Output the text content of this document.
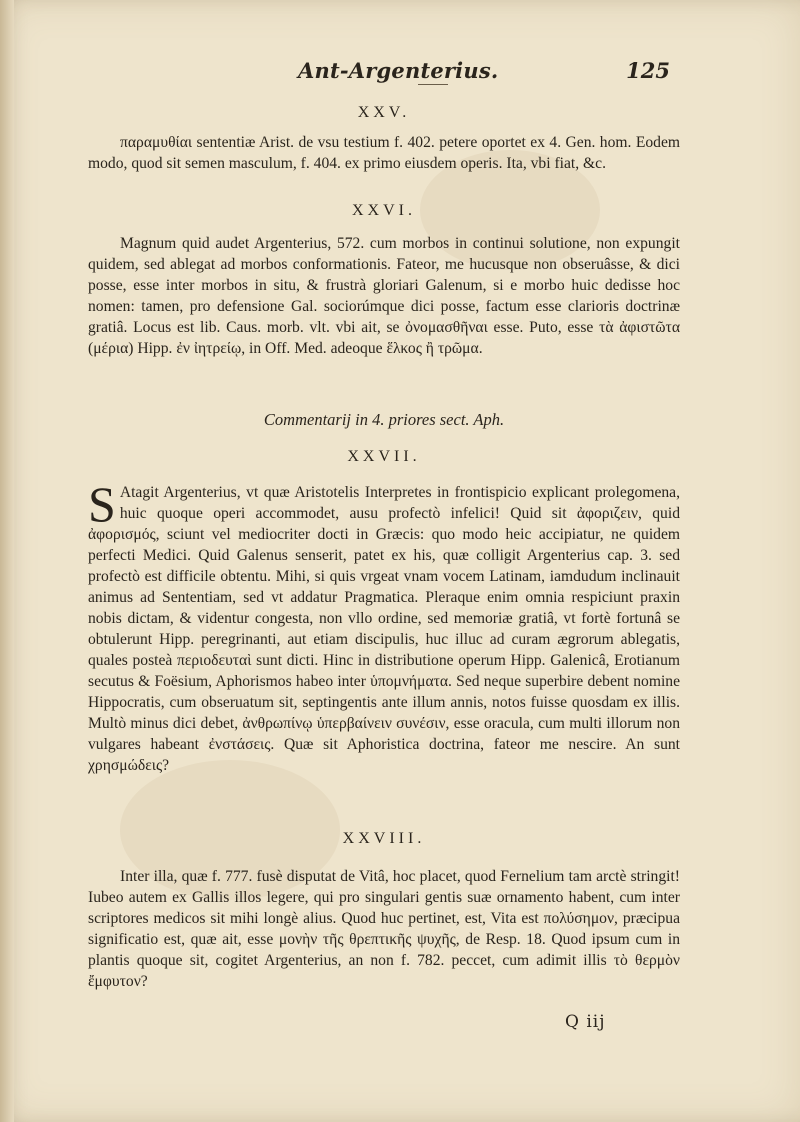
Ant-Argenterius.	125

XXV.

παραμυθίαι sententiæ Arist. de vsu testium f. 402. petere oportet ex 4. Gen. hom. Eodem modo, quod sit semen masculum, f. 404. ex primo eiusdem operis. Ita, vbi fiat, &c.

XXVI.

Magnum quid audet Argenterius, 572. cum morbos in continui solutione, non expungit quidem, sed ablegat ad morbos conformationis. Fateor, me hucusque non obseruâsse, & dici posse, esse inter morbos in situ, & frustrà gloriari Galenum, si e morbo huic dedisse hoc nomen: tamen, pro defensione Gal. sociorúmque dici posse, factum esse clarioris doctrinæ gratiâ. Locus est lib. Caus. morb. vlt. vbi ait, se ὀνομασθῆναι esse. Puto, esse τὰ ἀφιστῶτα (μέρια) Hipp. ἐν ἰητρείῳ, in Off. Med. adeoque ἕλκος ἢ τρῶμα.

Commentarij in 4. priores sect. Aph.

XXVII.

S Atagit Argenterius, vt quæ Aristotelis Interpretes in frontispicio explicant prolegomena, huic quoque operi accommodet, ausu profectò infelici! Quid sit ἀφοριζειν, quid ἀφορισμός, sciunt vel mediocriter docti in Græcis: quo modo heic accipiatur, ne quidem perfecti Medici. Quid Galenus senserit, patet ex his, quæ colligit Argenterius cap. 3. sed profectò est difficile obtentu. Mihi, si quis vrgeat vnam vocem Latinam, iamdudum inclinauit animus ad Sententiam, sed vt addatur Pragmatica. Pleraque enim omnia respiciunt praxin nobis dictam, & videntur congesta, non vllo ordine, sed memoriæ gratiâ, vt fortè fortunâ se obtulerunt Hipp. peregrinanti, aut etiam discipulis, huc illuc ad curam ægrorum ablegatis, quales posteà περιοδευταὶ sunt dicti. Hinc in distributione operum Hipp. Galenicâ, Erotianum secutus & Foësium, Aphorismos habeo inter ὑπομνήματα. Sed neque superbire debent nomine Hippocratis, cum obseruatum sit, septingentis ante illum annis, notos fuisse quosdam ex illis. Multò minus dici debet, ἀνθρωπίνῳ ὑπερβαίνειν συνέσιν, esse oracula, cum multi illorum non vulgares habeant ἐνστάσεις. Quæ sit Aphoristica doctrina, fateor me nescire. An sunt χρησμώδεις?

XXVIII.

Inter illa, quæ f. 777. fusè disputat de Vitâ, hoc placet, quod Fernelium tam arctè stringit! Iubeo autem ex Gallis illos legere, qui pro singulari gentis suæ ornamento habent, cum inter scriptores medicos sit mihi longè alius. Quod huc pertinet, est, Vita est πολύσημον, præcipua significatio est, quæ ait, esse μονὴν τῆς θρεπτικῆς ψυχῆς, de Resp. 18. Quod ipsum cum in plantis quoque sit, cogitet Argenterius, an non f. 782. peccet, cum adimit illis τὸ θερμὸν ἔμφυτον?

Q iij
